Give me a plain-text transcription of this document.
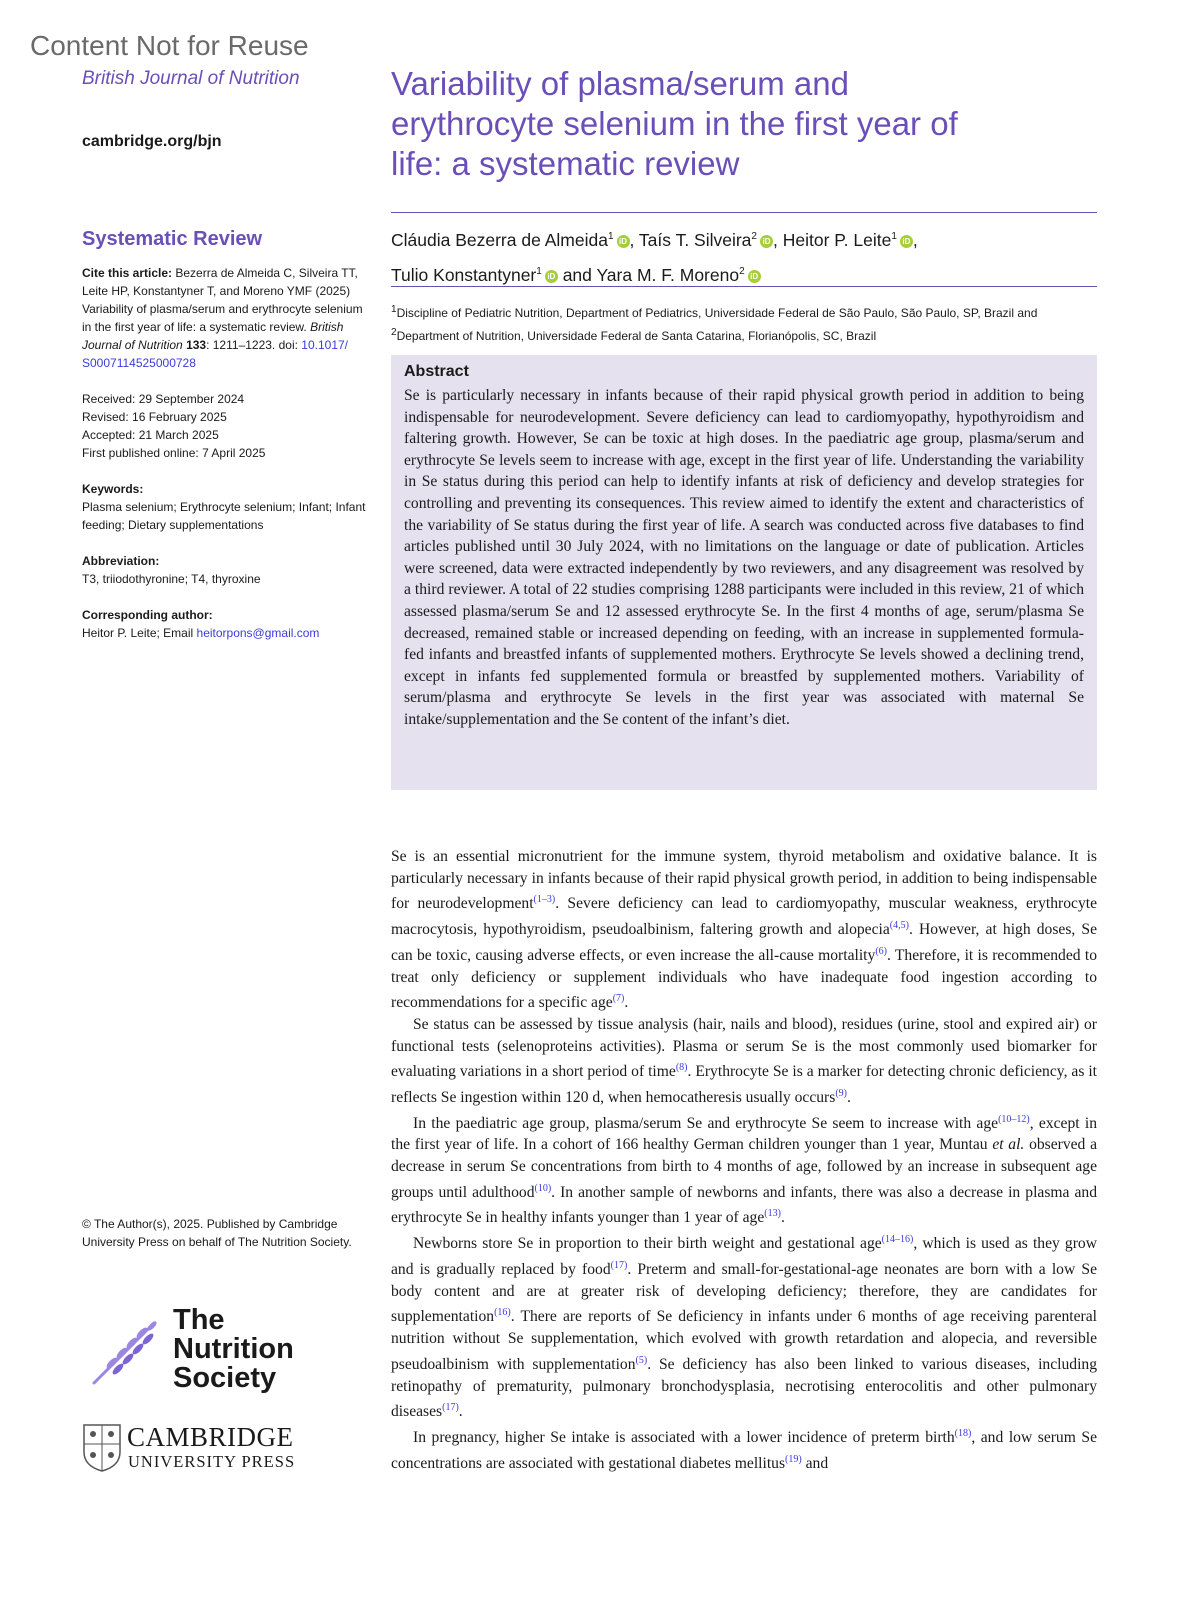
Content Not for Reuse
British Journal of Nutrition
cambridge.org/bjn
Variability of plasma/serum and erythrocyte selenium in the first year of life: a systematic review
Cláudia Bezerra de Almeida$^1$ iD , Taís T. Silveira$^2$ iD , Heitor P. Leite$^1$ iD ,
Tulio Konstantyner$^1$ iD and Yara M. F. Moreno$^2$ iD
$^1$Discipline of Pediatric Nutrition, Department of Pediatrics, Universidade Federal de São Paulo, São Paulo, SP, Brazil and $^2$Department of Nutrition, Universidade Federal de Santa Catarina, Florianópolis, SC, Brazil
Systematic Review
Cite this article: Bezerra de Almeida C, Silveira TT, Leite HP, Konstantyner T, and Moreno YMF (2025) Variability of plasma/serum and erythrocyte selenium in the first year of life: a systematic review. British Journal of Nutrition 133: 1211–1223. doi: 10.1017/ S0007114525000728
Received: 29 September 2024
Revised: 16 February 2025
Accepted: 21 March 2025
First published online: 7 April 2025
Keywords:
Plasma selenium; Erythrocyte selenium; Infant; Infant feeding; Dietary supplementations
Abbreviation:
T3, triiodothyronine; T4, thyroxine
Corresponding author:
Heitor P. Leite; Email heitorpons@gmail.com
Abstract

Se is particularly necessary in infants because of their rapid physical growth period in addition to being indispensable for neurodevelopment. Severe deficiency can lead to cardiomyopathy, hypothyroidism and faltering growth. However, Se can be toxic at high doses. In the paediatric age group, plasma/serum and erythrocyte Se levels seem to increase with age, except in the first year of life. Understanding the variability in Se status during this period can help to identify infants at risk of deficiency and develop strategies for controlling and preventing its consequences. This review aimed to identify the extent and characteristics of the variability of Se status during the first year of life. A search was conducted across five databases to find articles published until 30 July 2024, with no limitations on the language or date of publication. Articles were screened, data were extracted independently by two reviewers, and any disagreement was resolved by a third reviewer. A total of 22 studies comprising 1288 participants were included in this review, 21 of which assessed plasma/serum Se and 12 assessed erythrocyte Se. In the first 4 months of age, serum/plasma Se decreased, remained stable or increased depending on feeding, with an increase in supplemented formula-fed infants and breastfed infants of supplemented mothers. Erythrocyte Se levels showed a declining trend, except in infants fed supplemented formula or breastfed by supplemented mothers. Variability of serum/plasma and erythrocyte Se levels in the first year was associated with maternal Se intake/supplementation and the Se content of the infant’s diet.

Se is an essential micronutrient for the immune system, thyroid metabolism and oxidative balance. It is particularly necessary in infants because of their rapid physical growth period, in addition to being indispensable for neurodevelopment$^{(1-3)}$. Severe deficiency can lead to cardiomyopathy, muscular weakness, erythrocyte macrocytosis, hypothyroidism, pseudoalbinism, faltering growth and alopecia$^{(4,5)}$. However, at high doses, Se can be toxic, causing adverse effects, or even increase the all-cause mortality$^{(6)}$. Therefore, it is recommended to treat only deficiency or supplement individuals who have inadequate food ingestion according to recommendations for a specific age$^{(7)}$.

Se status can be assessed by tissue analysis (hair, nails and blood), residues (urine, stool and expired air) or functional tests (selenoproteins activities). Plasma or serum Se is the most commonly used biomarker for evaluating variations in a short period of time$^{(8)}$. Erythrocyte Se is a marker for detecting chronic deficiency, as it reflects Se ingestion within 120 d, when hemocatheresis usually occurs$^{(9)}$.

In the paediatric age group, plasma/serum Se and erythrocyte Se seem to increase with age$^{(10-12)}$, except in the first year of life. In a cohort of 166 healthy German children younger than 1 year, Muntau et al. observed a decrease in serum Se concentrations from birth to 4 months of age, followed by an increase in subsequent age groups until adulthood$^{(10)}$. In another sample of newborns and infants, there was also a decrease in plasma and erythrocyte Se in healthy infants younger than 1 year of age$^{(13)}$.

Newborns store Se in proportion to their birth weight and gestational age$^{(14-16)}$, which is used as they grow and is gradually replaced by food$^{(17)}$. Preterm and small-for-gestational-age neonates are born with a low Se body content and are at greater risk of developing deficiency; therefore, they are candidates for supplementation$^{(16)}$. There are reports of Se deficiency in infants under 6 months of age receiving parenteral nutrition without Se supplementation, which evolved with growth retardation and alopecia, and reversible pseudoalbinism with supplementation$^{(5)}$. Se deficiency has also been linked to various diseases, including retinopathy of prematurity, pulmonary bronchodysplasia, necrotising enterocolitis and other pulmonary diseases$^{(17)}$.

In pregnancy, higher Se intake is associated with a lower incidence of preterm birth$^{(18)}$, and low serum Se concentrations are associated with gestational diabetes mellitus$^{(19)}$ and

© The Author(s), 2025. Published by Cambridge University Press on behalf of The Nutrition Society.
The
Nutrition
Society
CAMBRIDGE
UNIVERSITY PRESS
